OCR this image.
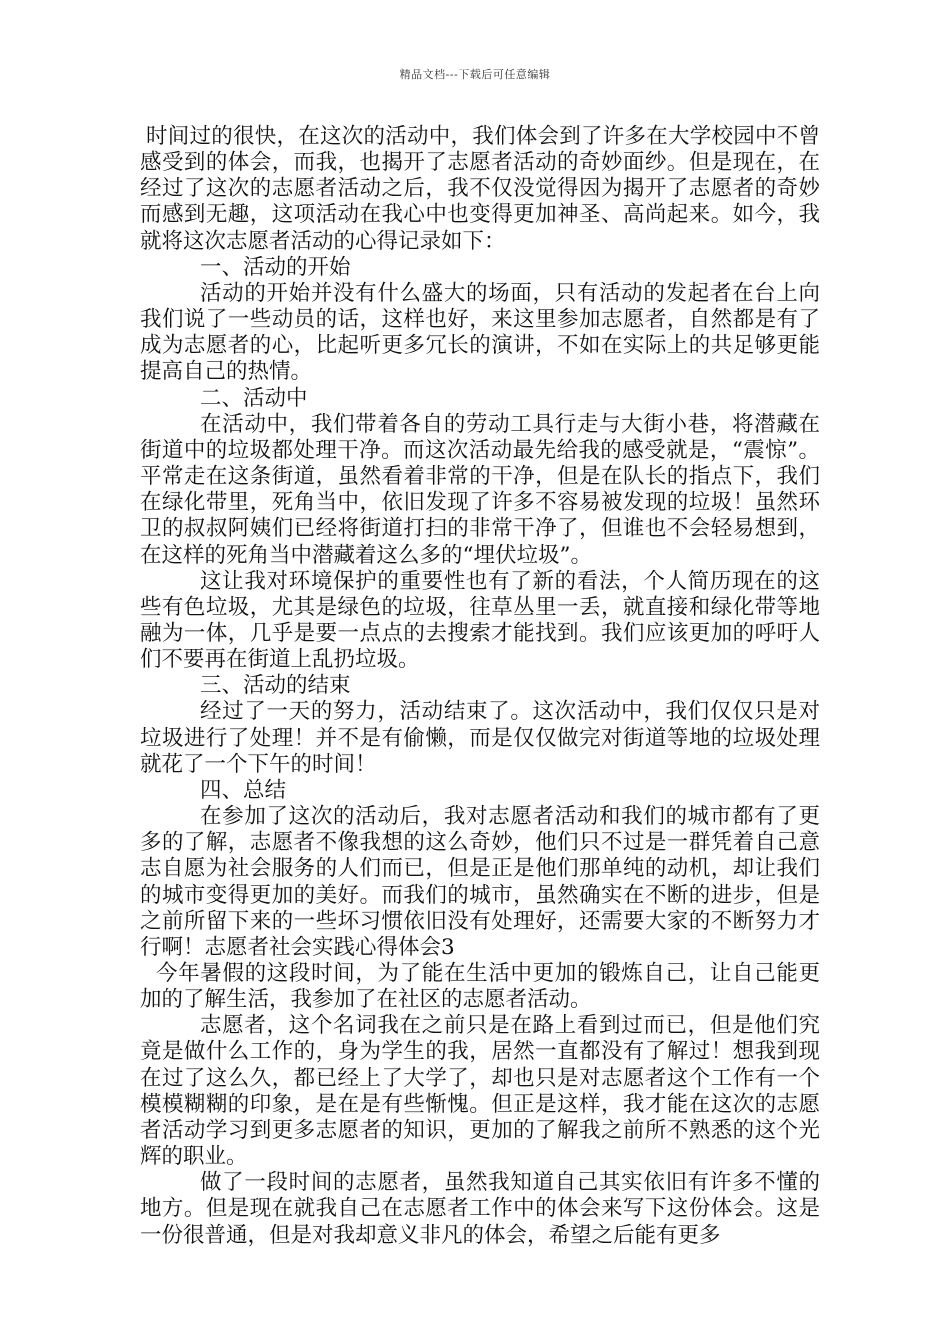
精品文档---下载后可任意编辑

时间过的很快，在这次的活动中，我们体会到了许多在大学校园中不曾感受到的体会，而我，也揭开了志愿者活动的奇妙面纱。但是现在，在经过了这次的志愿者活动之后，我不仅没觉得因为揭开了志愿者的奇妙而感到无趣，这项活动在我心中也变得更加神圣、高尚起来。如今，我就将这次志愿者活动的心得记录如下：

一、活动的开始

活动的开始并没有什么盛大的场面，只有活动的发起者在台上向我们说了一些动员的话，这样也好，来这里参加志愿者，自然都是有了成为志愿者的心，比起听更多冗长的演讲，不如在实际上的共足够更能提高自己的热情。

二、活动中

在活动中，我们带着各自的劳动工具行走与大街小巷，将潜藏在街道中的垃圾都处理干净。而这次活动最先给我的感受就是，“震惊”。平常走在这条街道，虽然看着非常的干净，但是在队长的指点下，我们在绿化带里，死角当中，依旧发现了许多不容易被发现的垃圾！虽然环卫的叔叔阿姨们已经将街道打扫的非常干净了，但谁也不会轻易想到，在这样的死角当中潜藏着这么多的“埋伏垃圾”。

这让我对环境保护的重要性也有了新的看法，个人简历现在的这些有色垃圾，尤其是绿色的垃圾，往草丛里一丢，就直接和绿化带等地融为一体，几乎是要一点点的去搜索才能找到。我们应该更加的呼吁人们不要再在街道上乱扔垃圾。

三、活动的结束

经过了一天的努力，活动结束了。这次活动中，我们仅仅只是对垃圾进行了处理！并不是有偷懒，而是仅仅做完对街道等地的垃圾处理就花了一个下午的时间！

四、总结

在参加了这次的活动后，我对志愿者活动和我们的城市都有了更多的了解，志愿者不像我想的这么奇妙，他们只不过是一群凭着自己意志自愿为社会服务的人们而已，但是正是他们那单纯的动机，却让我们的城市变得更加的美好。而我们的城市，虽然确实在不断的进步，但是之前所留下来的一些坏习惯依旧没有处理好，还需要大家的不断努力才行啊！志愿者社会实践心得体会3

今年暑假的这段时间，为了能在生活中更加的锻炼自己，让自己能更加的了解生活，我参加了在社区的志愿者活动。

志愿者，这个名词我在之前只是在路上看到过而已，但是他们究竟是做什么工作的，身为学生的我，居然一直都没有了解过！想我到现在过了这么久，都已经上了大学了，却也只是对志愿者这个工作有一个模模糊糊的印象，是在是有些惭愧。但正是这样，我才能在这次的志愿者活动学习到更多志愿者的知识，更加的了解我之前所不熟悉的这个光辉的职业。

做了一段时间的志愿者，虽然我知道自己其实依旧有许多不懂的地方。但是现在就我自己在志愿者工作中的体会来写下这份体会。这是一份很普通，但是对我却意义非凡的体会，希望之后能有更多
